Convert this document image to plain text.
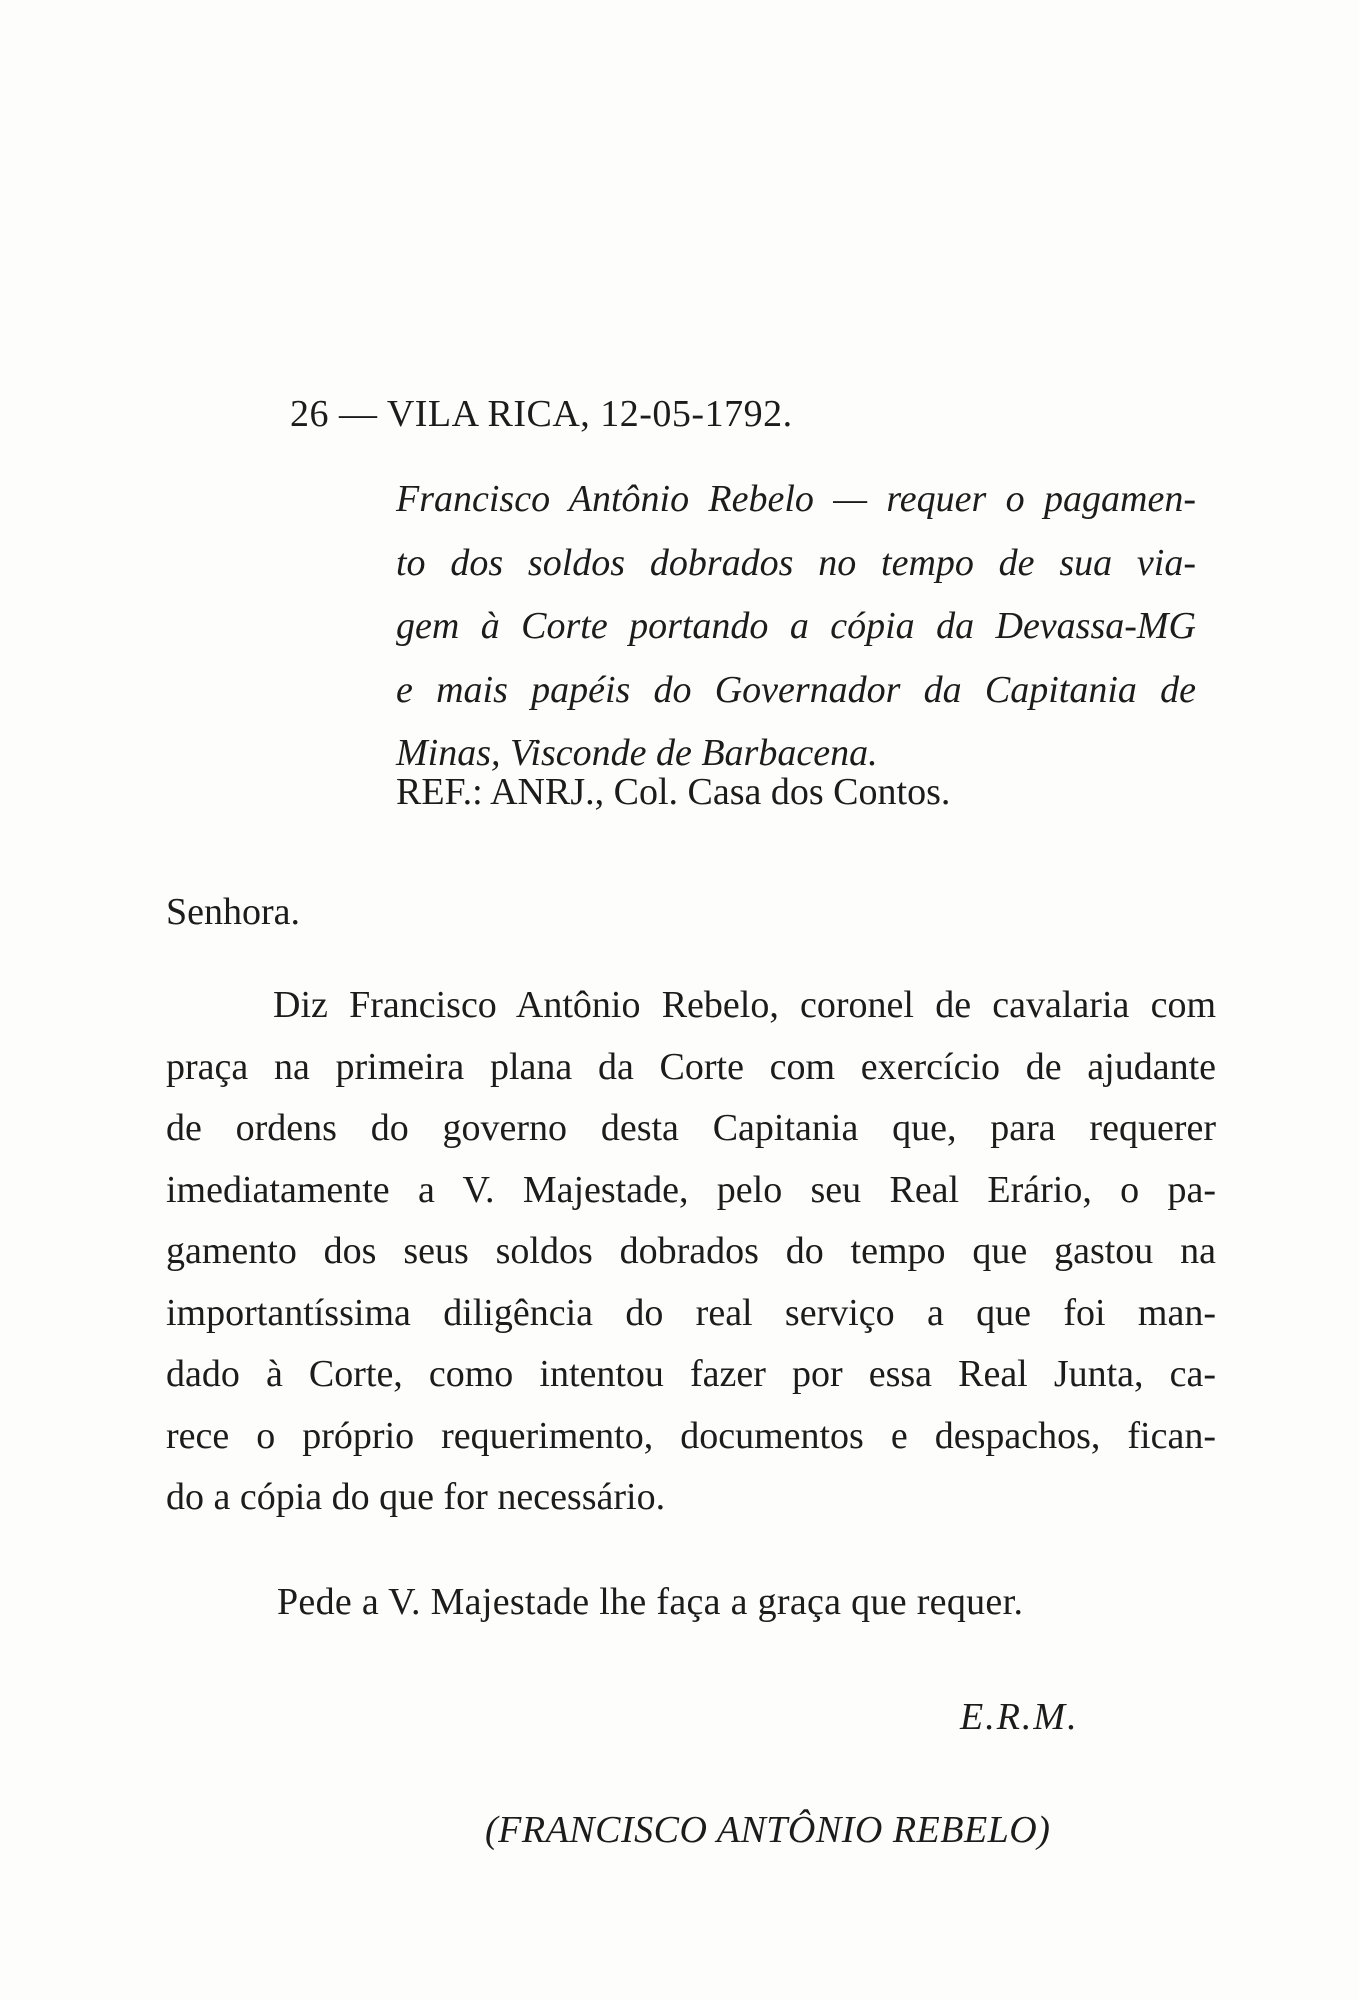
26 — VILA RICA, 12-05-1792.
Francisco Antônio Rebelo — requer o pagamen-
to dos soldos dobrados no tempo de sua via-
gem à Corte portando a cópia da Devassa-MG
e mais papéis do Governador da Capitania de
Minas, Visconde de Barbacena.
REF.: ANRJ., Col. Casa dos Contos.
Senhora.
Diz Francisco Antônio Rebelo, coronel de cavalaria com
praça na primeira plana da Corte com exercício de ajudante
de ordens do governo desta Capitania que, para requerer
imediatamente a V. Majestade, pelo seu Real Erário, o pa-
gamento dos seus soldos dobrados do tempo que gastou na
importantíssima diligência do real serviço a que foi man-
dado à Corte, como intentou fazer por essa Real Junta, ca-
rece o próprio requerimento, documentos e despachos, fican-
do a cópia do que for necessário.
Pede a V. Majestade lhe faça a graça que requer.
E.R.M.
(FRANCISCO ANTÔNIO REBELO)
